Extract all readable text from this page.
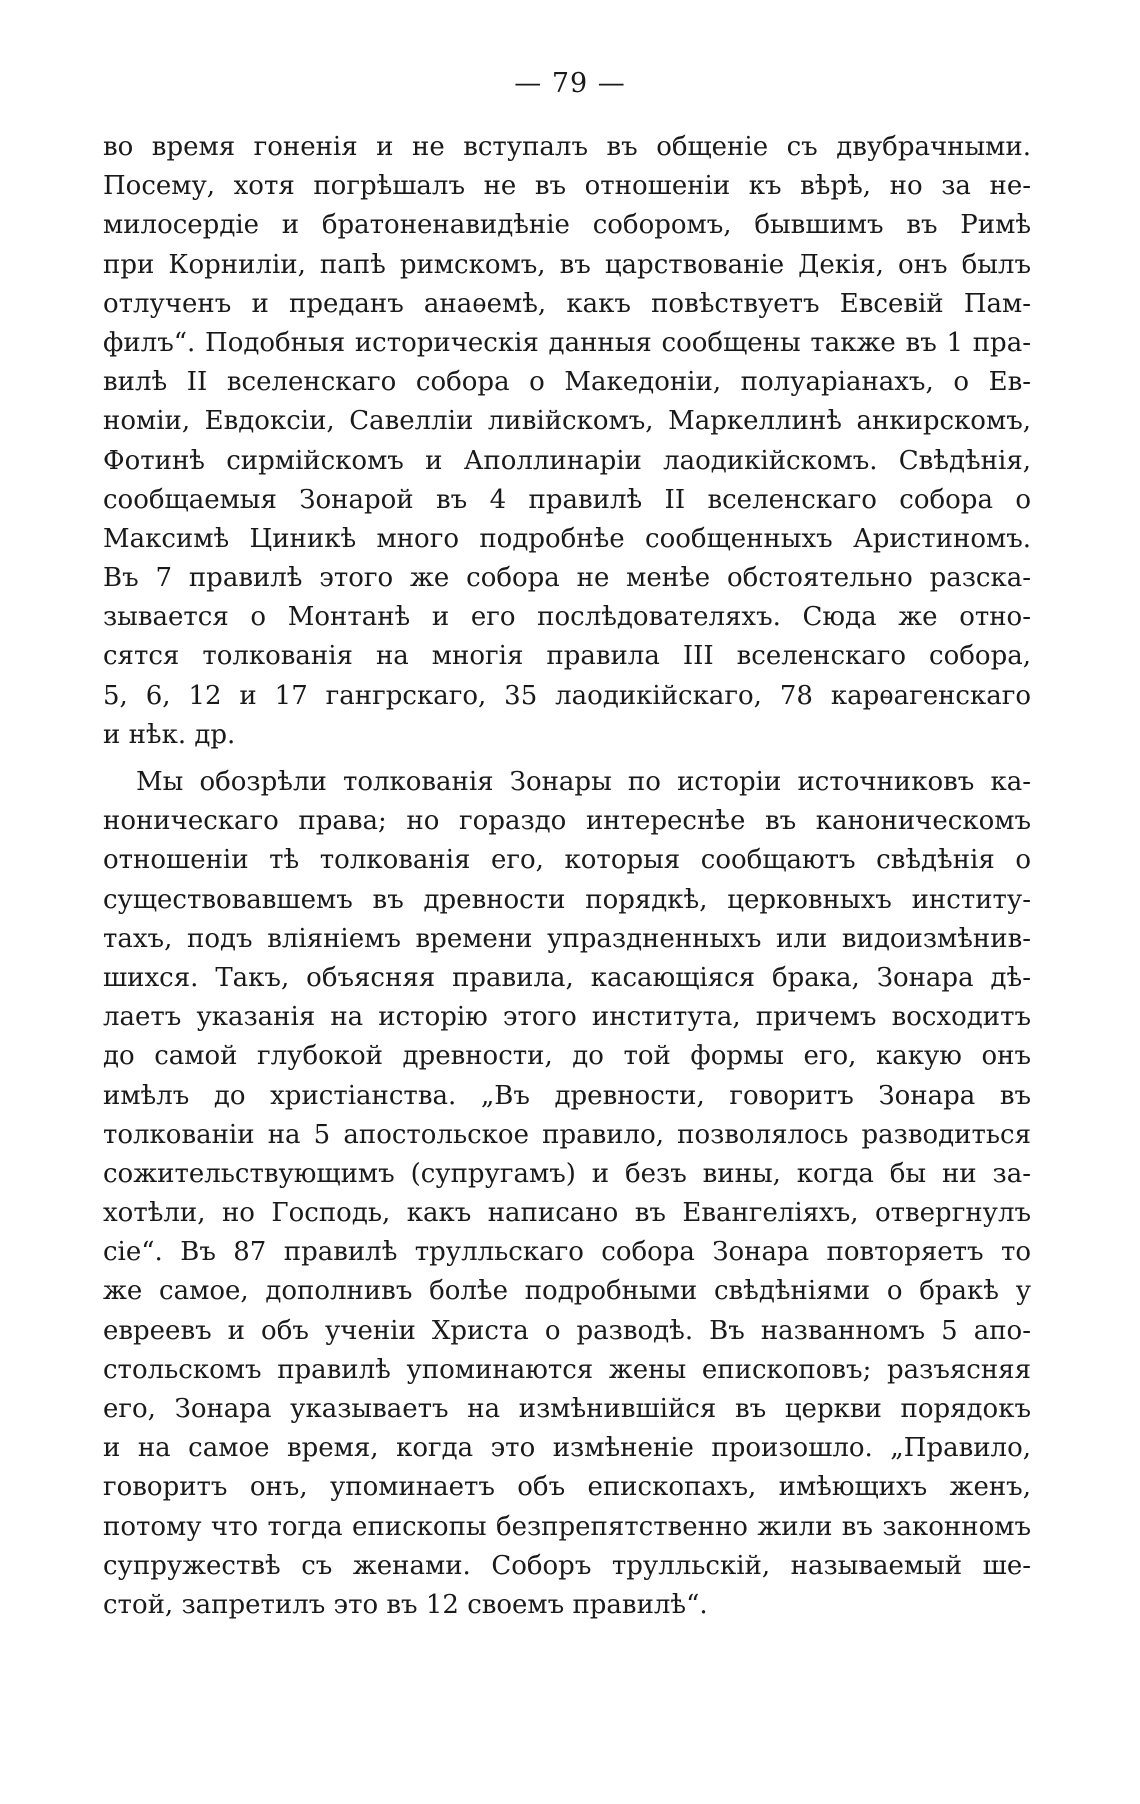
— 79 —
во время гоненія и не вступалъ въ общеніе съ двубрачными.
Посему, хотя погрѣшалъ не въ отношеніи къ вѣрѣ, но за не-
милосердіе и братоненавидѣніе соборомъ, бывшимъ въ Римѣ
при Корниліи, папѣ римскомъ, въ царствованіе Декія, онъ былъ
отлученъ и преданъ анаѳемѣ, какъ повѣствуетъ Евсевій Пам-
филъ“. Подобныя историческія данныя сообщены также въ 1 пра-
вилѣ II вселенскаго собора о Македоніи, полуаріанахъ, о Ев-
номіи, Евдоксіи, Савелліи ливійскомъ, Маркеллинѣ анкирскомъ,
Фотинѣ сирмійскомъ и Аполлинаріи лаодикійскомъ. Свѣдѣнія,
сообщаемыя Зонарой въ 4 правилѣ II вселенскаго собора о
Максимѣ Циникѣ много подробнѣе сообщенныхъ Аристиномъ.
Въ 7 правилѣ этого же собора не менѣе обстоятельно разска-
зывается о Монтанѣ и его послѣдователяхъ. Сюда же отно-
сятся толкованія на многія правила III вселенскаго собора,
5, 6, 12 и 17 гангрскаго, 35 лаодикійскаго, 78 карѳагенскаго
и нѣк. др.
Мы обозрѣли толкованія Зонары по исторіи источниковъ ка-
ноническаго права; но гораздо интереснѣе въ каноническомъ
отношеніи тѣ толкованія его, которыя сообщаютъ свѣдѣнія о
существовавшемъ въ древности порядкѣ, церковныхъ институ-
тахъ, подъ вліяніемъ времени упраздненныхъ или видоизмѣнив-
шихся. Такъ, объясняя правила, касающіяся брака, Зонара дѣ-
лаетъ указанія на исторію этого института, причемъ восходитъ
до самой глубокой древности, до той формы его, какую онъ
имѣлъ до христіанства. „Въ древности, говоритъ Зонара въ
толкованіи на 5 апостольское правило, позволялось разводиться
сожительствующимъ (супругамъ) и безъ вины, когда бы ни за-
хотѣли, но Господь, какъ написано въ Евангеліяхъ, отвергнулъ
сіе“. Въ 87 правилѣ трулльскаго собора Зонара повторяетъ то
же самое, дополнивъ болѣе подробными свѣдѣніями о бракѣ у
евреевъ и объ ученіи Христа о разводѣ. Въ названномъ 5 апо-
стольскомъ правилѣ упоминаются жены епископовъ; разъясняя
его, Зонара указываетъ на измѣнившійся въ церкви порядокъ
и на самое время, когда это измѣненіе произошло. „Правило,
говоритъ онъ, упоминаетъ объ епископахъ, имѣющихъ женъ,
потому что тогда епископы безпрепятственно жили въ законномъ
супружествѣ съ женами. Соборъ трулльскій, называемый ше-
стой, запретилъ это въ 12 своемъ правилѣ“.
